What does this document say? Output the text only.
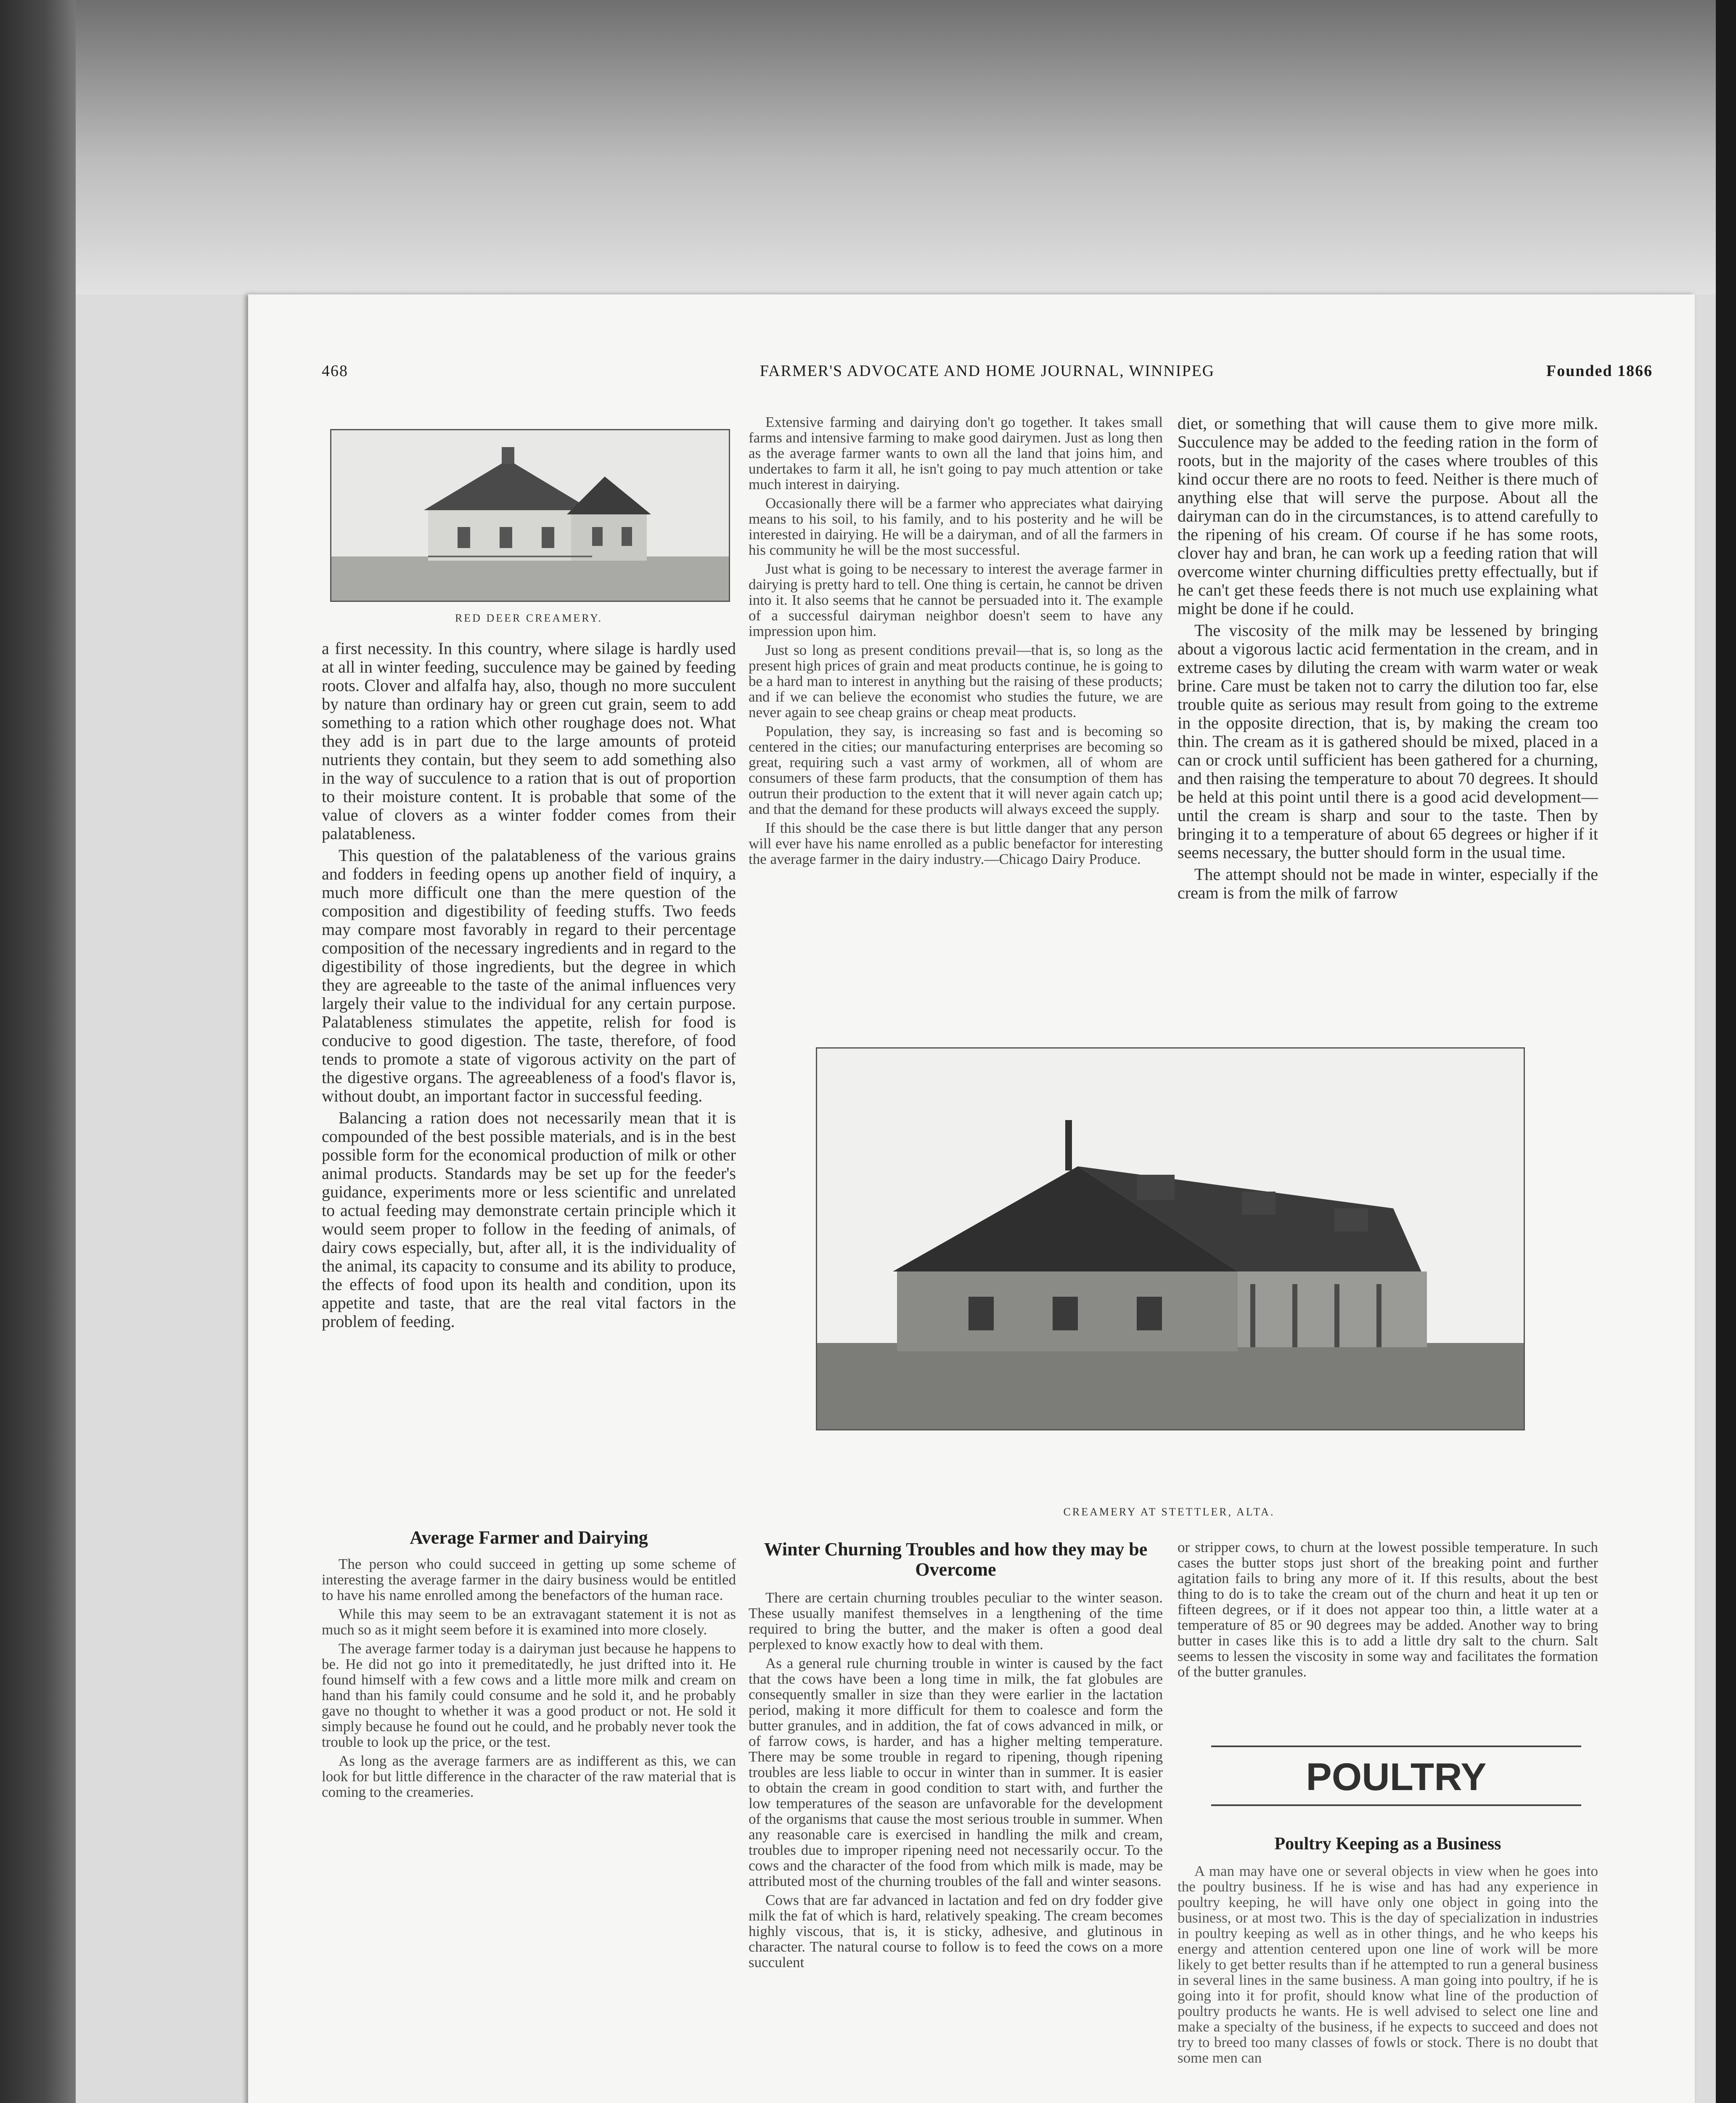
468	FARMER'S ADVOCATE AND HOME JOURNAL, WINNIPEG	Founded 1866
RED DEER CREAMERY.

a first necessity. In this country, where silage is hardly used at all in winter feeding, succulence may be gained by feeding roots. Clover and alfalfa hay, also, though no more succulent by nature than ordinary hay or green cut grain, seem to add something to a ration which other roughage does not. What they add is in part due to the large amounts of proteid nutrients they contain, but they seem to add something also in the way of succulence to a ration that is out of proportion to their moisture content. It is probable that some of the value of clovers as a winter fodder comes from their palatableness.

This question of the palatableness of the various grains and fodders in feeding opens up another field of inquiry, a much more difficult one than the mere question of the composition and digestibility of feeding stuffs. Two feeds may compare most favorably in regard to their percentage composition of the necessary ingredients and in regard to the digestibility of those ingredients, but the degree in which they are agreeable to the taste of the animal influences very largely their value to the individual for any certain purpose. Palatableness stimulates the appetite, relish for food is conducive to good digestion. The taste, therefore, of food tends to promote a state of vigorous activity on the part of the digestive organs. The agreeableness of a food's flavor is, without doubt, an important factor in successful feeding.

Balancing a ration does not necessarily mean that it is compounded of the best possible materials, and is in the best possible form for the economical production of milk or other animal products. Standards may be set up for the feeder's guidance, experiments more or less scientific and unrelated to actual feeding may demonstrate certain principle which it would seem proper to follow in the feeding of animals, of dairy cows especially, but, after all, it is the individuality of the animal, its capacity to consume and its ability to produce, the effects of food upon its health and condition, upon its appetite and taste, that are the real vital factors in the problem of feeding.

Average Farmer and Dairying

The person who could succeed in getting up some scheme of interesting the average farmer in the dairy business would be entitled to have his name enrolled among the benefactors of the human race.

While this may seem to be an extravagant statement it is not as much so as it might seem before it is examined into more closely.

The average farmer today is a dairyman just because he happens to be. He did not go into it premeditatedly, he just drifted into it. He found himself with a few cows and a little more milk and cream on hand than his family could consume and he sold it, and he probably gave no thought to whether it was a good product or not. He sold it simply because he found out he could, and he probably never took the trouble to look up the price, or the test.

As long as the average farmers are as indifferent as this, we can look for but little difference in the character of the raw material that is coming to the creameries.

Extensive farming and dairying don't go together. It takes small farms and intensive farming to make good dairymen. Just as long then as the average farmer wants to own all the land that joins him, and undertakes to farm it all, he isn't going to pay much attention or take much interest in dairying.

Occasionally there will be a farmer who appreciates what dairying means to his soil, to his family, and to his posterity and he will be interested in dairying. He will be a dairyman, and of all the farmers in his community he will be the most successful.

Just what is going to be necessary to interest the average farmer in dairying is pretty hard to tell. One thing is certain, he cannot be driven into it. It also seems that he cannot be persuaded into it. The example of a successful dairyman neighbor doesn't seem to have any impression upon him.

Just so long as present conditions prevail—that is, so long as the present high prices of grain and meat products continue, he is going to be a hard man to interest in anything but the raising of these products; and if we can believe the economist who studies the future, we are never again to see cheap grains or cheap meat products.

Population, they say, is increasing so fast and is becoming so centered in the cities; our manufacturing enterprises are becoming so great, requiring such a vast army of workmen, all of whom are consumers of these farm products, that the consumption of them has outrun their production to the extent that it will never again catch up; and that the demand for these products will always exceed the supply.

If this should be the case there is but little danger that any person will ever have his name enrolled as a public benefactor for interesting the average farmer in the dairy industry.—Chicago Dairy Produce.

diet, or something that will cause them to give more milk. Succulence may be added to the feeding ration in the form of roots, but in the majority of the cases where troubles of this kind occur there are no roots to feed. Neither is there much of anything else that will serve the purpose. About all the dairyman can do in the circumstances, is to attend carefully to the ripening of his cream. Of course if he has some roots, clover hay and bran, he can work up a feeding ration that will overcome winter churning difficulties pretty effectually, but if he can't get these feeds there is not much use explaining what might be done if he could.

The viscosity of the milk may be lessened by bringing about a vigorous lactic acid fermentation in the cream, and in extreme cases by diluting the cream with warm water or weak brine. Care must be taken not to carry the dilution too far, else trouble quite as serious may result from going to the extreme in the opposite direction, that is, by making the cream too thin. The cream as it is gathered should be mixed, placed in a can or crock until sufficient has been gathered for a churning, and then raising the temperature to about 70 degrees. It should be held at this point until there is a good acid development—until the cream is sharp and sour to the taste. Then by bringing it to a temperature of about 65 degrees or higher if it seems necessary, the butter should form in the usual time.

The attempt should not be made in winter, especially if the cream is from the milk of farrow

CREAMERY AT STETTLER, ALTA.
Winter Churning Troubles and how they may be Overcome

There are certain churning troubles peculiar to the winter season. These usually manifest themselves in a lengthening of the time required to bring the butter, and the maker is often a good deal perplexed to know exactly how to deal with them.

As a general rule churning trouble in winter is caused by the fact that the cows have been a long time in milk, the fat globules are consequently smaller in size than they were earlier in the lactation period, making it more difficult for them to coalesce and form the butter granules, and in addition, the fat of cows advanced in milk, or of farrow cows, is harder, and has a higher melting temperature. There may be some trouble in regard to ripening, though ripening troubles are less liable to occur in winter than in summer. It is easier to obtain the cream in good condition to start with, and further the low temperatures of the season are unfavorable for the development of the organisms that cause the most serious trouble in summer. When any reasonable care is exercised in handling the milk and cream, troubles due to improper ripening need not necessarily occur. To the cows and the character of the food from which milk is made, may be attributed most of the churning troubles of the fall and winter seasons.

Cows that are far advanced in lactation and fed on dry fodder give milk the fat of which is hard, relatively speaking. The cream becomes highly viscous, that is, it is sticky, adhesive, and glutinous in character. The natural course to follow is to feed the cows on a more succulent

or stripper cows, to churn at the lowest possible temperature. In such cases the butter stops just short of the breaking point and further agitation fails to bring any more of it. If this results, about the best thing to do is to take the cream out of the churn and heat it up ten or fifteen degrees, or if it does not appear too thin, a little water at a temperature of 85 or 90 degrees may be added. Another way to bring butter in cases like this is to add a little dry salt to the churn. Salt seems to lessen the viscosity in some way and facilitates the formation of the butter granules.

POULTRY
Poultry Keeping as a Business

A man may have one or several objects in view when he goes into the poultry business. If he is wise and has had any experience in poultry keeping, he will have only one object in going into the business, or at most two. This is the day of specialization in industries in poultry keeping as well as in other things, and he who keeps his energy and attention centered upon one line of work will be more likely to get better results than if he attempted to run a general business in several lines in the same business. A man going into poultry, if he is going into it for profit, should know what line of the production of poultry products he wants. He is well advised to select one line and make a specialty of the business, if he expects to succeed and does not try to breed too many classes of fowls or stock. There is no doubt that some men can
